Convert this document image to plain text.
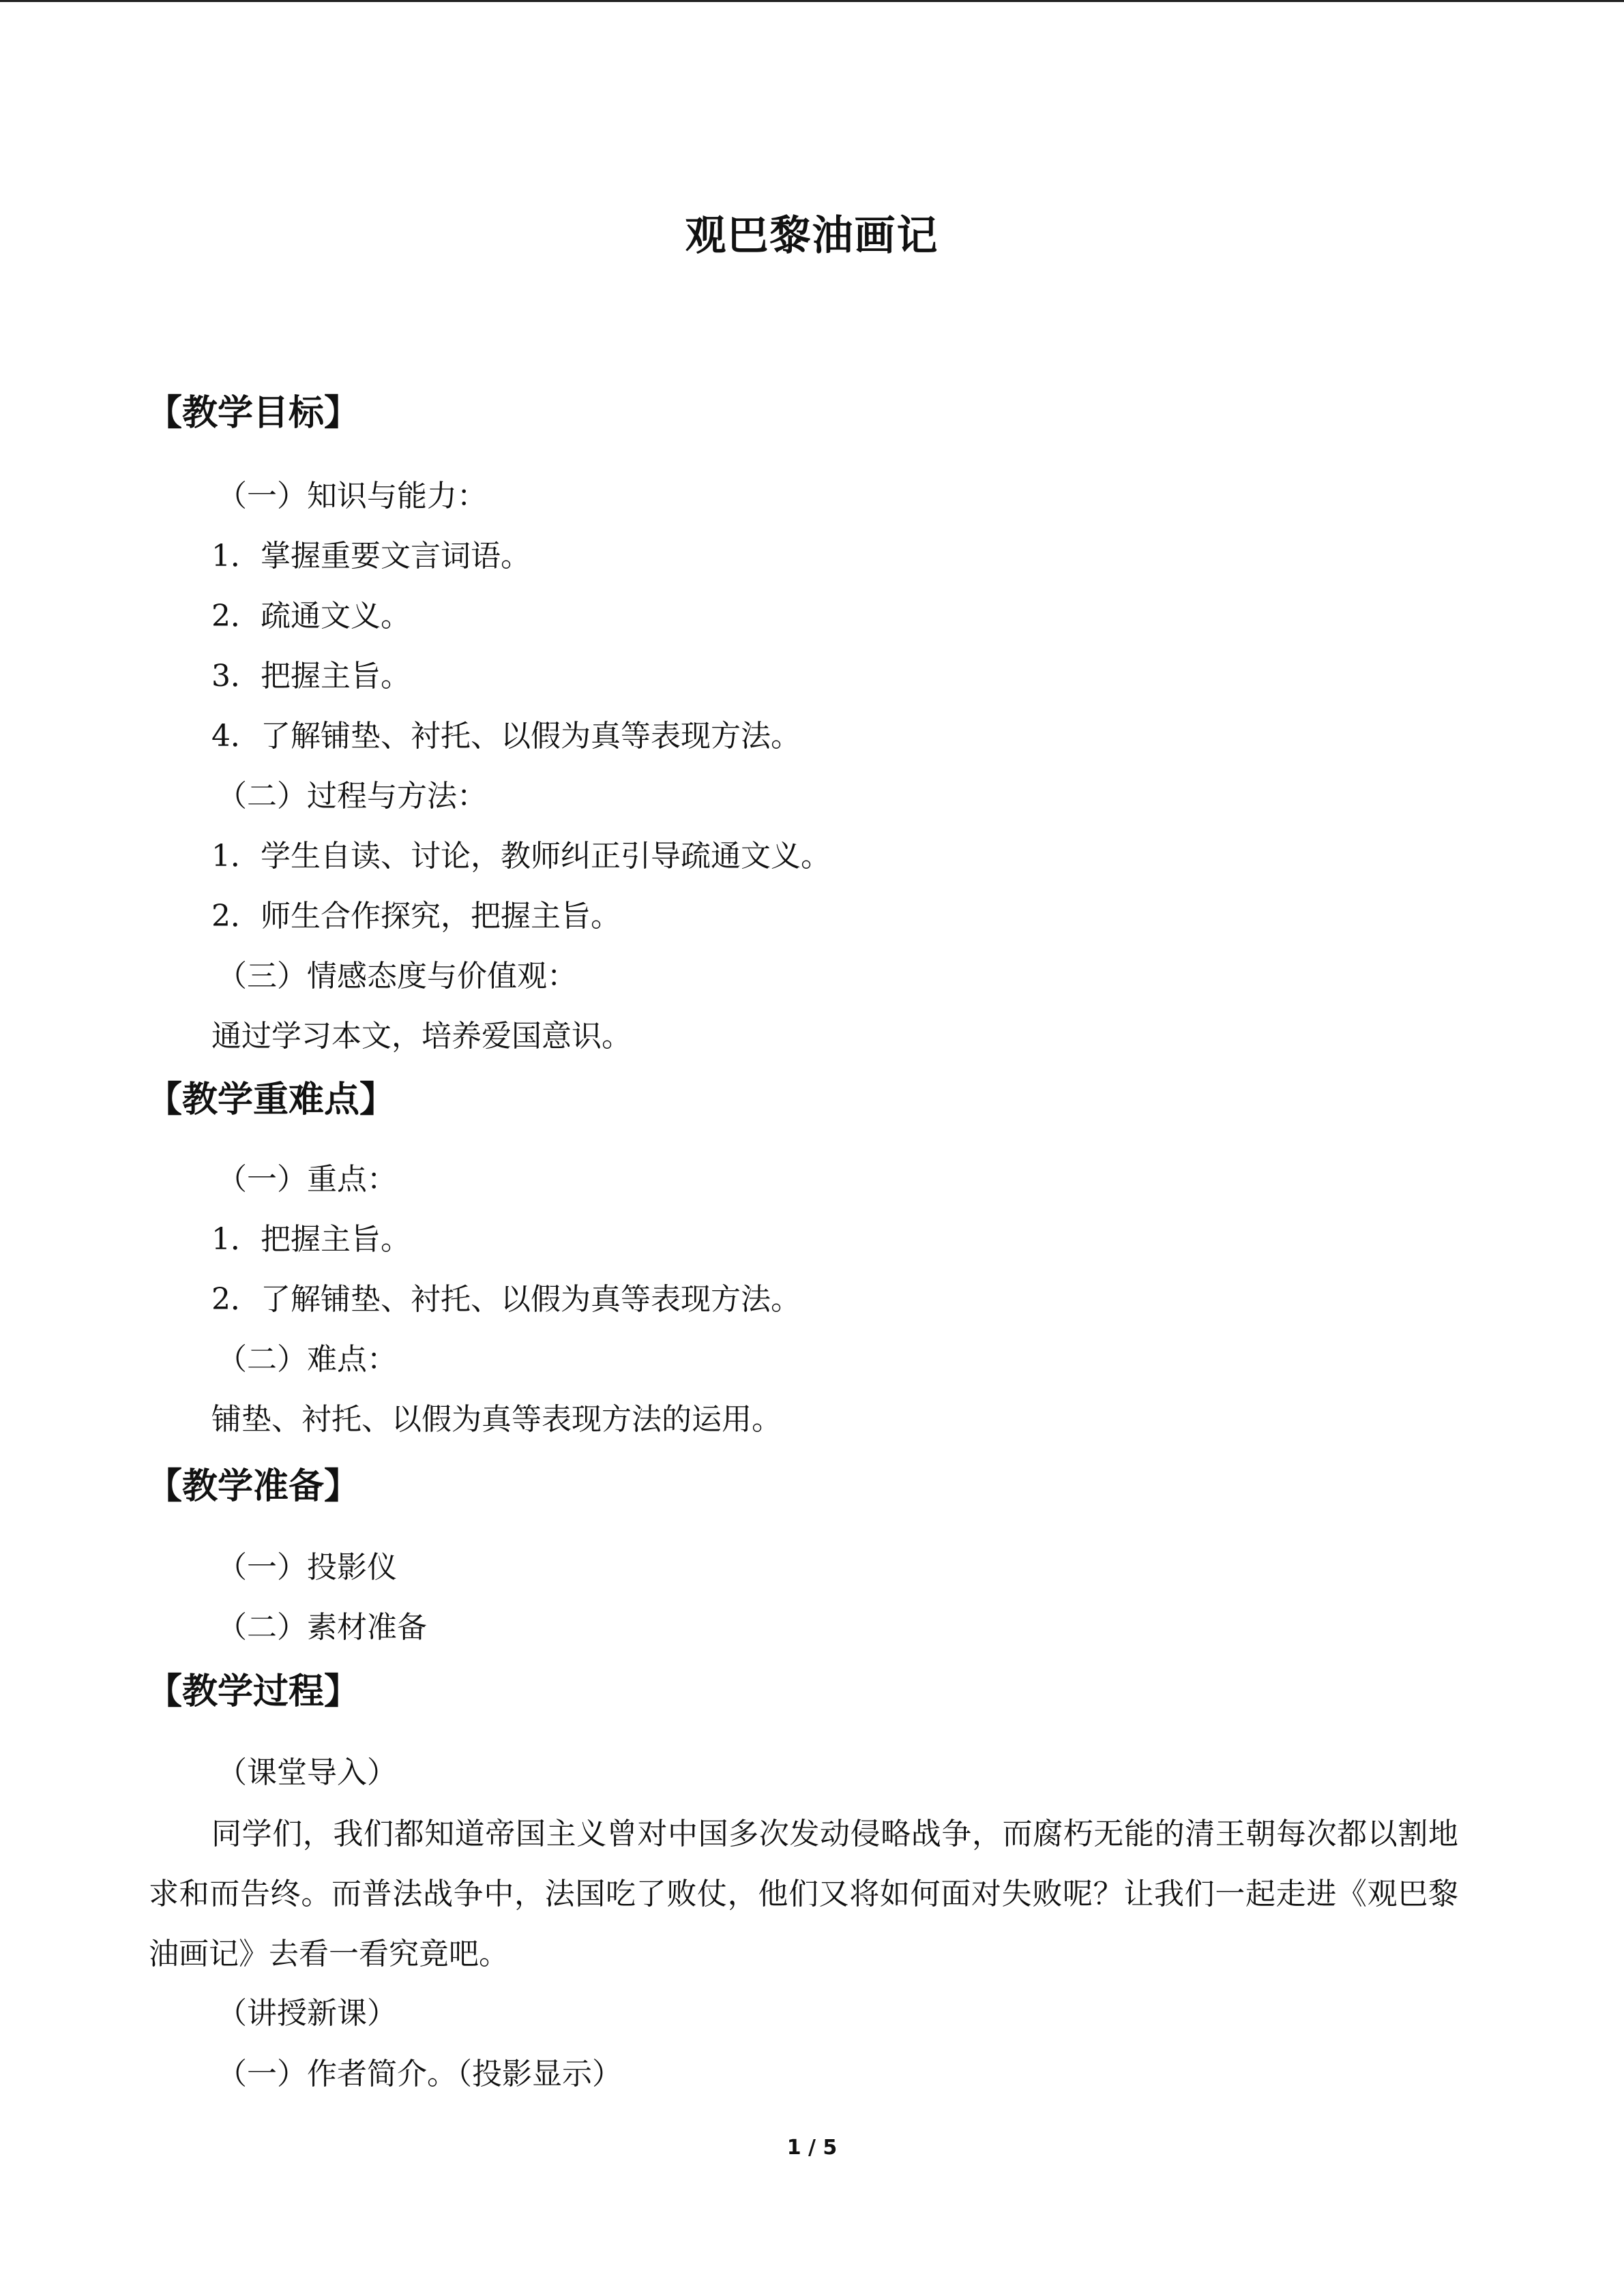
观巴黎油画记
【教学目标】
（一）知识与能力：
1．掌握重要文言词语。
2．疏通文义。
3．把握主旨。
4．了解铺垫、衬托、以假为真等表现方法。
（二）过程与方法：
1．学生自读、讨论，教师纠正引导疏通文义。
2．师生合作探究，把握主旨。
（三）情感态度与价值观：
通过学习本文，培养爱国意识。
【教学重难点】
（一）重点：
1．把握主旨。
2．了解铺垫、衬托、以假为真等表现方法。
（二）难点：
铺垫、衬托、以假为真等表现方法的运用。
【教学准备】
（一）投影仪
（二）素材准备
【教学过程】
（课堂导入）
同学们，我们都知道帝国主义曾对中国多次发动侵略战争，而腐朽无能的清王朝每次都以割地求和而告终。而普法战争中，法国吃了败仗，他们又将如何面对失败呢？让我们一起走进《观巴黎油画记》去看一看究竟吧。
（讲授新课）
（一）作者简介。（投影显示）
1 / 5
